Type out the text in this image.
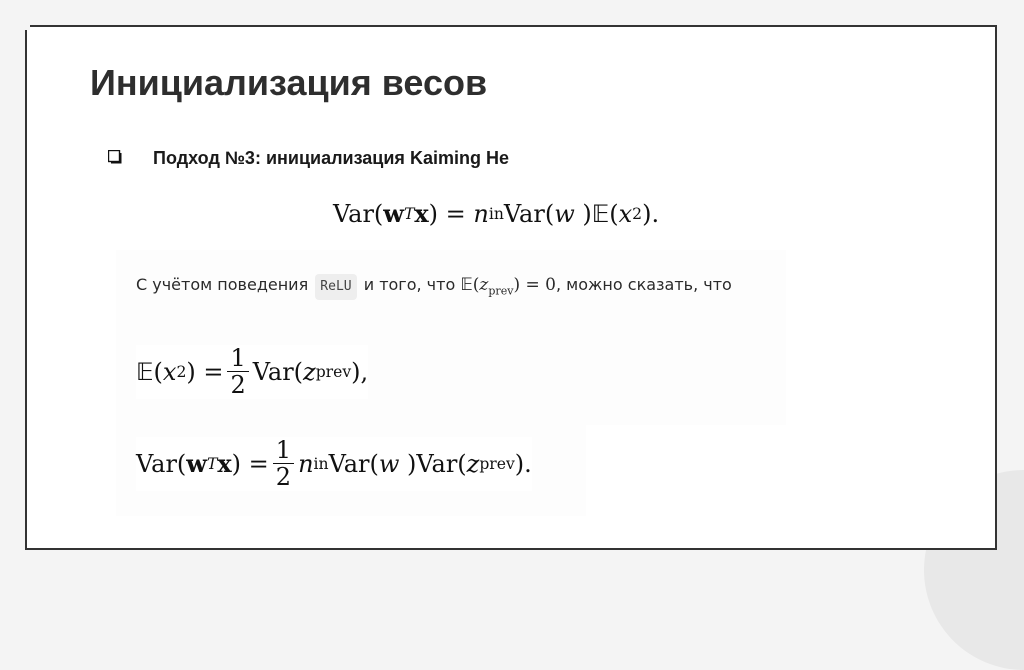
Инициализация весов
Подход №3: инициализация Kaiming He
Var( w T x ) = n in Var( w ) 𝔼 ( x 2 ).
С учётом поведения ReLU и того, что $𝔼(z_{prev}) = 0$, можно сказать, что
𝔼 ( x 2 ) = $\frac{1}{2} Var$( z prev ),
Var( w T x ) = $\frac{1}{2}$ n in Var( w )Var( z prev ).
